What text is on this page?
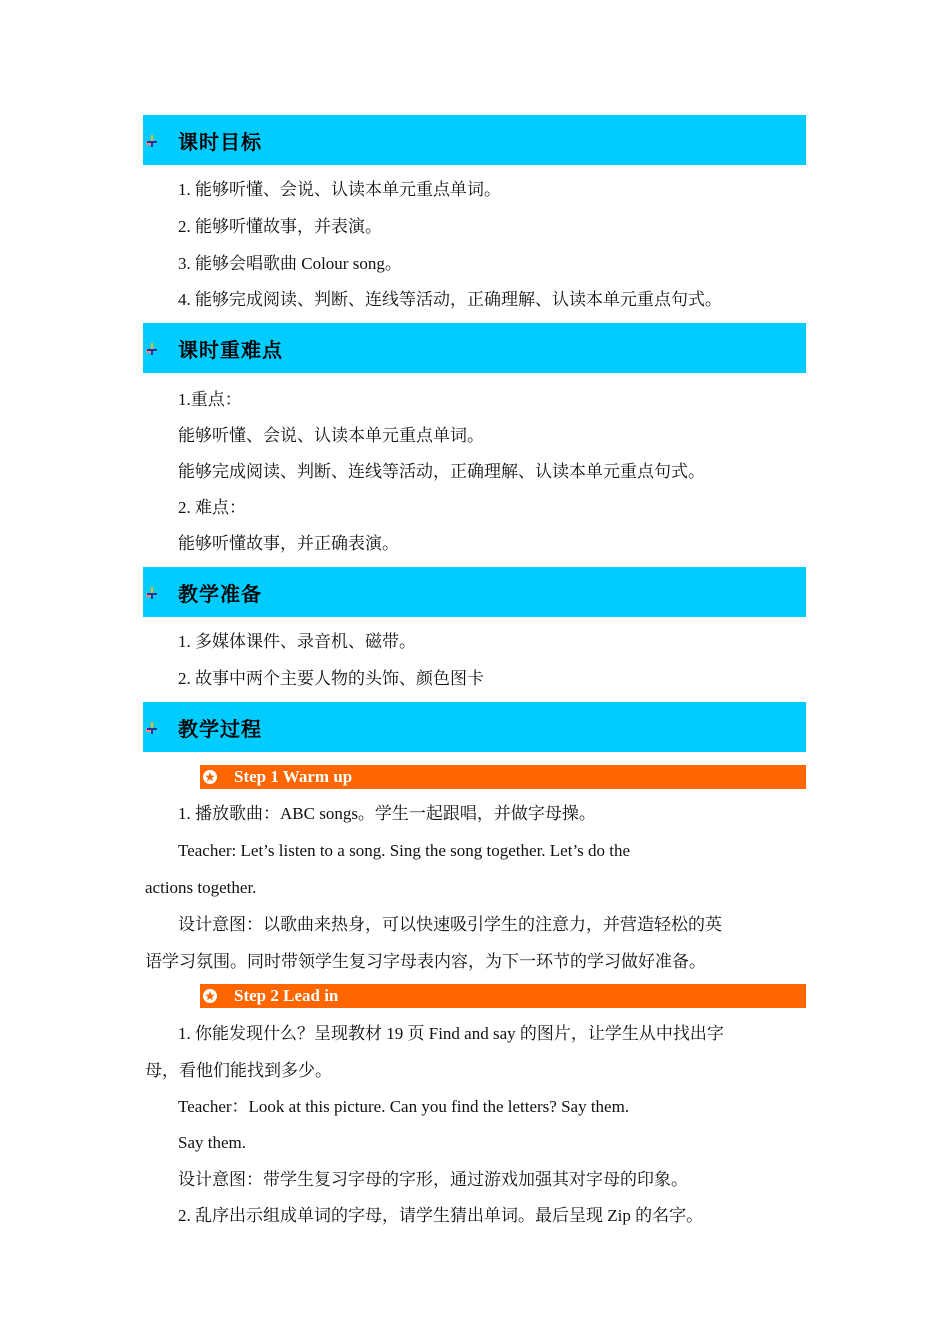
课时目标
1. 能够听懂、会说、认读本单元重点单词。
2. 能够听懂故事，并表演。
3. 能够会唱歌曲 Colour song。
4. 能够完成阅读、判断、连线等活动，正确理解、认读本单元重点句式。
课时重难点
1.重点：
能够听懂、会说、认读本单元重点单词。
能够完成阅读、判断、连线等活动，正确理解、认读本单元重点句式。
2. 难点：
能够听懂故事，并正确表演。
教学准备
1. 多媒体课件、录音机、磁带。
2. 故事中两个主要人物的头饰、颜色图卡
教学过程
Step 1 Warm up
1. 播放歌曲：ABC songs。学生一起跟唱，并做字母操。
Teacher: Let’s listen to a song. Sing the song together. Let’s do the
actions together.
设计意图：以歌曲来热身，可以快速吸引学生的注意力，并营造轻松的英
语学习氛围。同时带领学生复习字母表内容，为下一环节的学习做好准备。
Step 2 Lead in
1. 你能发现什么？呈现教材 19 页 Find and say 的图片，让学生从中找出字
母，看他们能找到多少。
Teacher：Look at this picture. Can you find the letters? Say them.
Say them.
设计意图：带学生复习字母的字形，通过游戏加强其对字母的印象。
2. 乱序出示组成单词的字母，请学生猜出单词。最后呈现 Zip 的名字。
